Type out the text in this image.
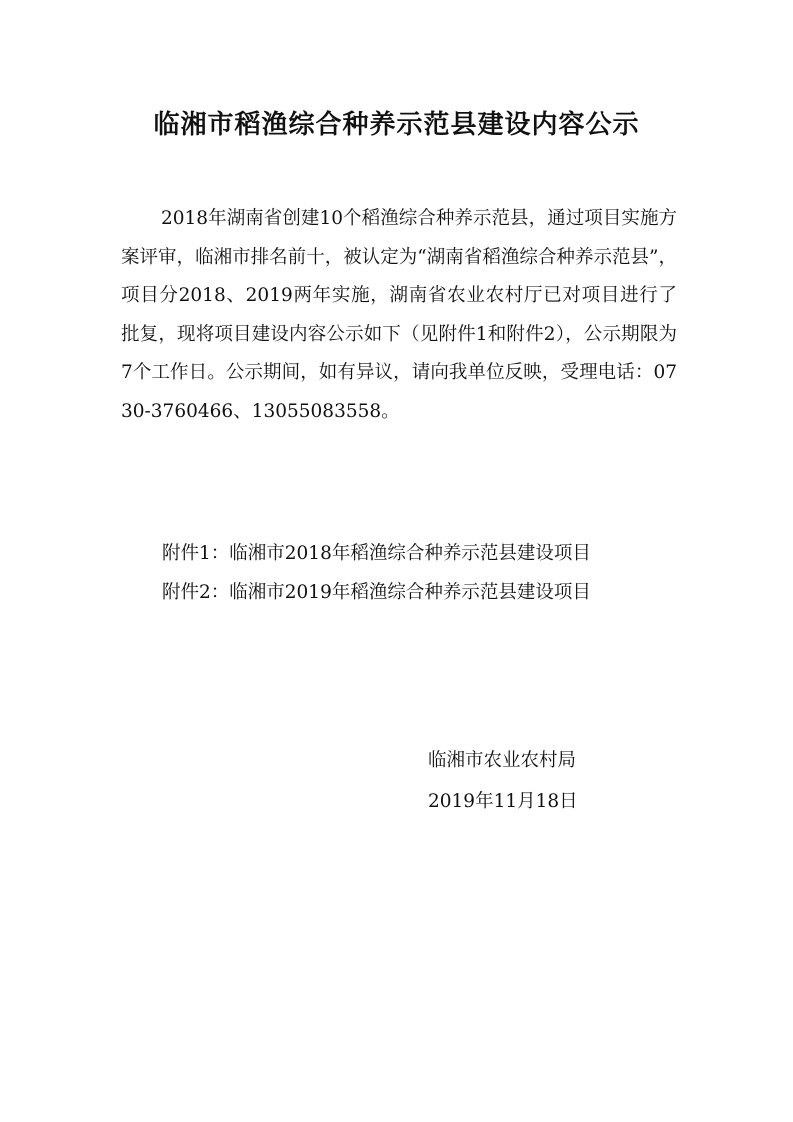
临湘市稻渔综合种养示范县建设内容公示

2018年湖南省创建10个稻渔综合种养示范县，通过项目实施方案评审，临湘市排名前十，被认定为“湖南省稻渔综合种养示范县”，项目分2018、2019两年实施，湖南省农业农村厅已对项目进行了批复，现将项目建设内容公示如下（见附件1和附件2），公示期限为7个工作日。公示期间，如有异议，请向我单位反映，受理电话：0730-3760466、13055083558。

附件1：临湘市2018年稻渔综合种养示范县建设项目
附件2：临湘市2019年稻渔综合种养示范县建设项目
临湘市农业农村局
2019年11月18日
